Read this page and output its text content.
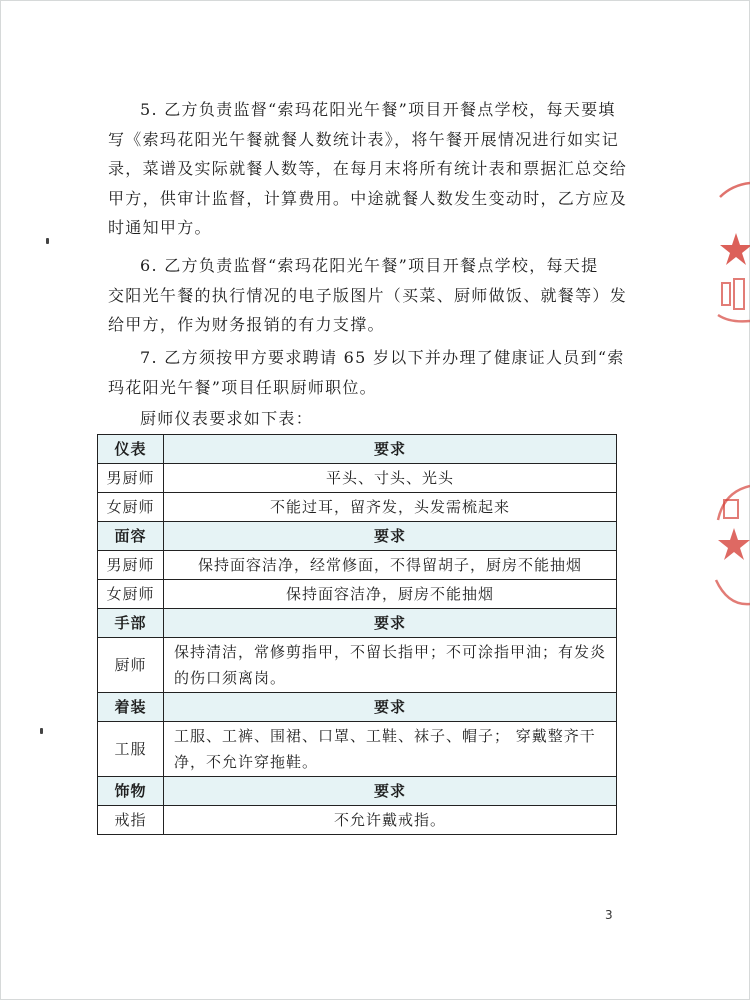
5. 乙方负责监督“索玛花阳光午餐”项目开餐点学校，每天要填
写《索玛花阳光午餐就餐人数统计表》，将午餐开展情况进行如实记
录，菜谱及实际就餐人数等，在每月末将所有统计表和票据汇总交给
甲方，供审计监督，计算费用。中途就餐人数发生变动时，乙方应及
时通知甲方。

6. 乙方负责监督“索玛花阳光午餐”项目开餐点学校，每天提
交阳光午餐的执行情况的电子版图片（买菜、厨师做饭、就餐等）发
给甲方，作为财务报销的有力支撑。

7. 乙方须按甲方要求聘请 65 岁以下并办理了健康证人员到“索
玛花阳光午餐”项目任职厨师职位。

厨师仪表要求如下表：

仪表	要求
男厨师	平头、寸头、光头
女厨师	不能过耳，留齐发，头发需梳起来
面容	要求
男厨师	保持面容洁净，经常修面，不得留胡子，厨房不能抽烟
女厨师	保持面容洁净，厨房不能抽烟
手部	要求
厨师	保持清洁，常修剪指甲，不留长指甲；不可涂指甲油；有发炎的伤口须离岗。
着装	要求
工服	工服、工裤、围裙、口罩、工鞋、袜子、帽子； 穿戴整齐干净，不允许穿拖鞋。
饰物	要求
戒指	不允许戴戒指。
3
